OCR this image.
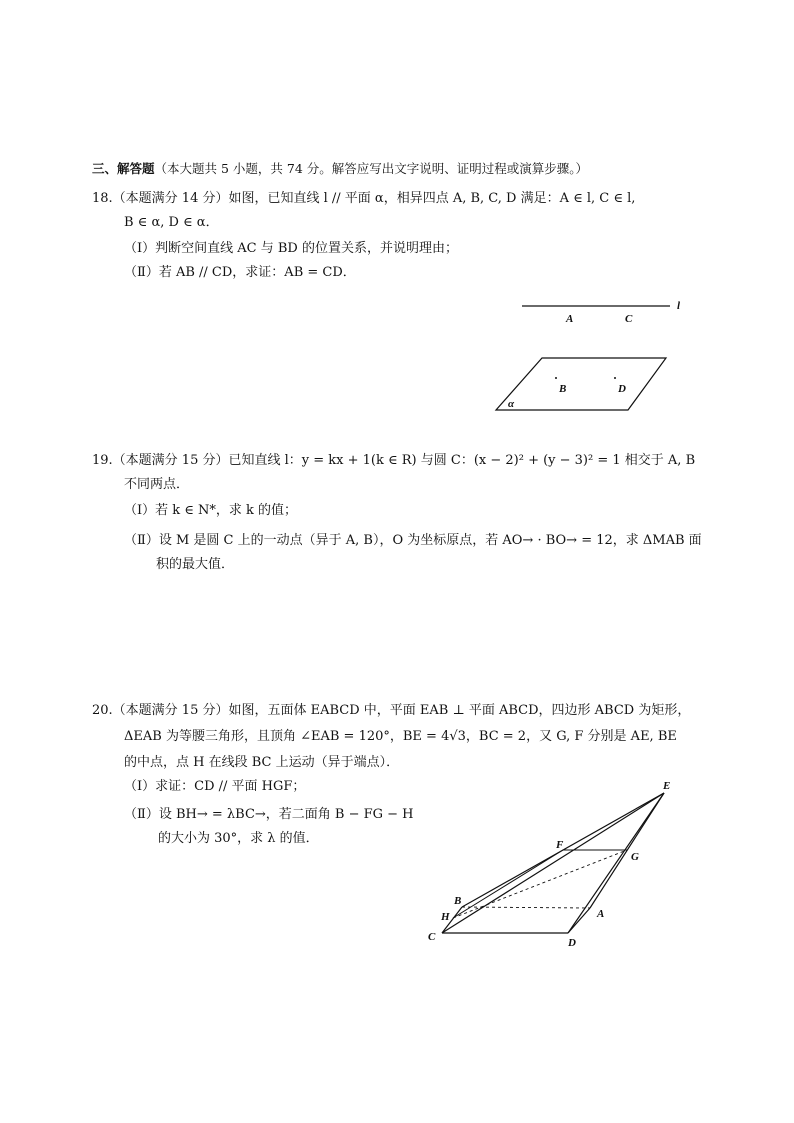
三、解答题（本大题共 5 小题，共 74 分。解答应写出文字说明、证明过程或演算步骤。）
18.（本题满分 14 分）如图，已知直线 l // 平面 α，相异四点 A, B, C, D 满足：A ∈ l, C ∈ l,
B ∈ α, D ∈ α．
（Ⅰ）判断空间直线 AC 与 BD 的位置关系，并说明理由；
（Ⅱ）若 AB // CD，求证：AB = CD．
l
A	C
B	D
α
19.（本题满分 15 分）已知直线 l：y = kx + 1(k ∈ R) 与圆 C：(x − 2)² + (y − 3)² = 1 相交于 A, B
不同两点．
（Ⅰ）若 k ∈ N*，求 k 的值；
（Ⅱ）设 M 是圆 C 上的一动点（异于 A, B），O 为坐标原点，若 AO→ · BO→ = 12，求 ΔMAB 面
积的最大值．
20.（本题满分 15 分）如图，五面体 EABCD 中，平面 EAB ⊥ 平面 ABCD，四边形 ABCD 为矩形，
ΔEAB 为等腰三角形，且顶角 ∠EAB = 120°，BE = 4√3，BC = 2，又 G, F 分别是 AE, BE
的中点，点 H 在线段 BC 上运动（异于端点）．
（Ⅰ）求证：CD // 平面 HGF；
（Ⅱ）设 BH→ = λBC→，若二面角 B − FG − H
的大小为 30°，求 λ 的值．
E
F
G
B
H	A
C	D
